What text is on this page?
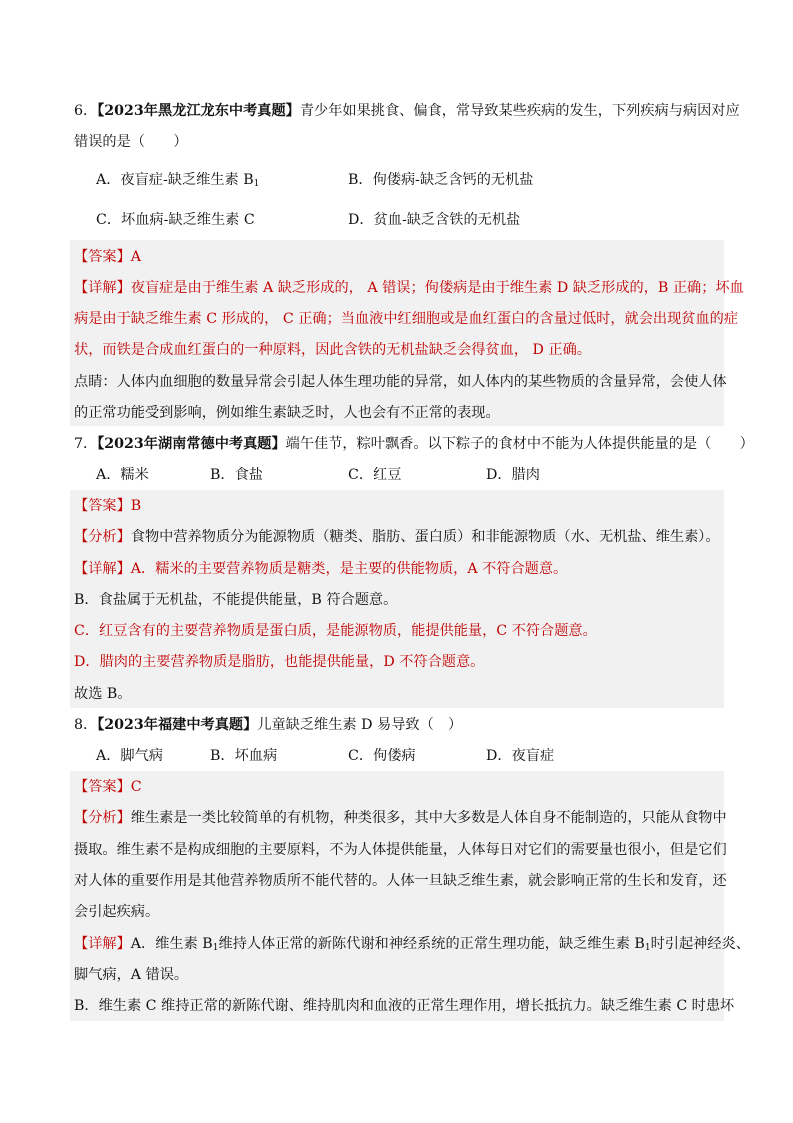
6．【2023年黑龙江龙东中考真题】青少年如果挑食、偏食，常导致某些疾病的发生，下列疾病与病因对应
错误的是（　　）
A．夜盲症-缺乏维生素 $B_1$	B．佝偻病-缺乏含钙的无机盐
C．坏血病-缺乏维生素 C	D．贫血-缺乏含铁的无机盐
【答案】A
【详解】夜盲症是由于维生素 A 缺乏形成的， A 错误；佝偻病是由于维生素 D 缺乏形成的，B 正确；坏血
病是由于缺乏维生素 C 形成的， C 正确；当血液中红细胞或是血红蛋白的含量过低时，就会出现贫血的症
状，而铁是合成血红蛋白的一种原料，因此含铁的无机盐缺乏会得贫血， D 正确。
点睛：人体内血细胞的数量异常会引起人体生理功能的异常，如人体内的某些物质的含量异常，会使人体
的正常功能受到影响，例如维生素缺乏时，人也会有不正常的表现。
7．【2023年湖南常德中考真题】端午佳节，粽叶飘香。以下粽子的食材中不能为人体提供能量的是（　　）
A．糯米	B．食盐	C．红豆	D．腊肉
【答案】B
【分析】食物中营养物质分为能源物质（糖类、脂肪、蛋白质）和非能源物质（水、无机盐、维生素）。
【详解】A．糯米的主要营养物质是糖类，是主要的供能物质，A 不符合题意。
B．食盐属于无机盐，不能提供能量，B 符合题意。
C．红豆含有的主要营养物质是蛋白质，是能源物质，能提供能量，C 不符合题意。
D．腊肉的主要营养物质是脂肪，也能提供能量，D 不符合题意。
故选 B。
8．【2023年福建中考真题】儿童缺乏维生素 D 易导致（　）
A．脚气病	B．坏血病	C．佝偻病	D．夜盲症
【答案】C
【分析】维生素是一类比较简单的有机物，种类很多，其中大多数是人体自身不能制造的，只能从食物中
摄取。维生素不是构成细胞的主要原料，不为人体提供能量，人体每日对它们的需要量也很小，但是它们
对人体的重要作用是其他营养物质所不能代替的。人体一旦缺乏维生素，就会影响正常的生长和发育，还
会引起疾病。
【详解】A．维生素 $B_1$维持人体正常的新陈代谢和神经系统的正常生理功能，缺乏维生素 $B_1$时引起神经炎、
脚气病，A 错误。
B．维生素 C 维持正常的新陈代谢、维持肌肉和血液的正常生理作用，增长抵抗力。缺乏维生素 C 时患坏
